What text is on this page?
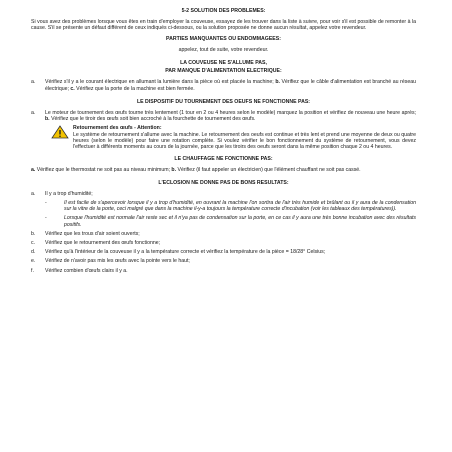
5-2 SOLUTION DES PROBLEMES:
Si vous avez des problèmes lorsque vous êtes en train d'employer la couveuse, essayez de les trouver dans la liste à suivre, pour voir s'il est possible de remonter à la cause. S'il se présente un défaut différent de ceux indiqués ci-dessous, ou la solution proposée ne donne aucun résultat, appelez votre revendeur.
PARTIES MANQUANTES OU ENDOMMAGEES:
appelez, tout de suite, votre revendeur.
LA COUVEUSE NE S'ALLUME PAS,
PAR MANQUE D'ALIMENTATION ELECTRIQUE:
a.	Vérifiez s'il y a le courant électrique en allumant la lumière dans la pièce où est placée la machine; b. Vérifiez que le câble d'alimentation est branché au réseau électrique; c. Vérifiez que la porte de la machine est bien fermée.
LE DISPOSITIF DU TOURNEMENT DES OEUFS NE FONCTIONNE PAS:
a.	Le moteur de tournement des œufs tourne très lentement (1 tour en 2 ou 4 heures selon le modèle) marquez la position et vérifiez de nouveau une heure après; b. Vérifiez que le tiroir des œufs soit bien accroché à la fourchette de tournement des œufs.
Retournement des œufs - Attention:
Le système de retournement s'allume avec la machine. Le retournement des oeufs est continue et très lent et prend une moyenne de deux ou quatre heures (selon le modèle) pour faire une rotation complète. Si voulez vérifier le bon fonctionnement du système de retournement, vous devez l'effectuer à différents moments au cours de la journée, parce que les tiroirs des oeufs seront dans la même position chaque 2 ou 4 heures.
LE CHAUFFAGE NE FONCTIONNE PAS:
a. Vérifiez que le thermostat ne soit pas au niveau minimum; b. Vérifiez (il faut appeler un électricien) que l'élément chauffant ne soit pas cassé.
L'ECLOSION NE DONNE PAS DE BONS RESULTATS:
a.	Il y a trop d'humidité;
-	Il est facile de s'apercevoir lorsque il y a trop d'humidité, en ouvrant la machine l'on sortira de l'air très humide et brûlant ou il y aura de la condensation sur la vitre de la porte, ceci malgré que dans la machine il-y-a toujours la température correcte d'incubation (voir les tableaux des températures)).
-	Lorsque l'humidité est normale l'air reste sec et il n'ya pas de condensation sur la porte, en ce cas il y aura une très bonne incubation avec des résultats positifs.
b.	Vérifiez que les trous d'air soient ouverts;
c.	Vérifiez que le retournement des œufs fonctionne;
d.	Vérifiez qu'à l'intérieur de la couveuse il y a la température correcte et vérifiez la température de la pièce = 18/28° Celsius;
e.	Vérifiez de n'avoir pas mis les œufs avec la pointe vers le haut;
f.	Vérifiez combien d'œufs clairs il y a.
